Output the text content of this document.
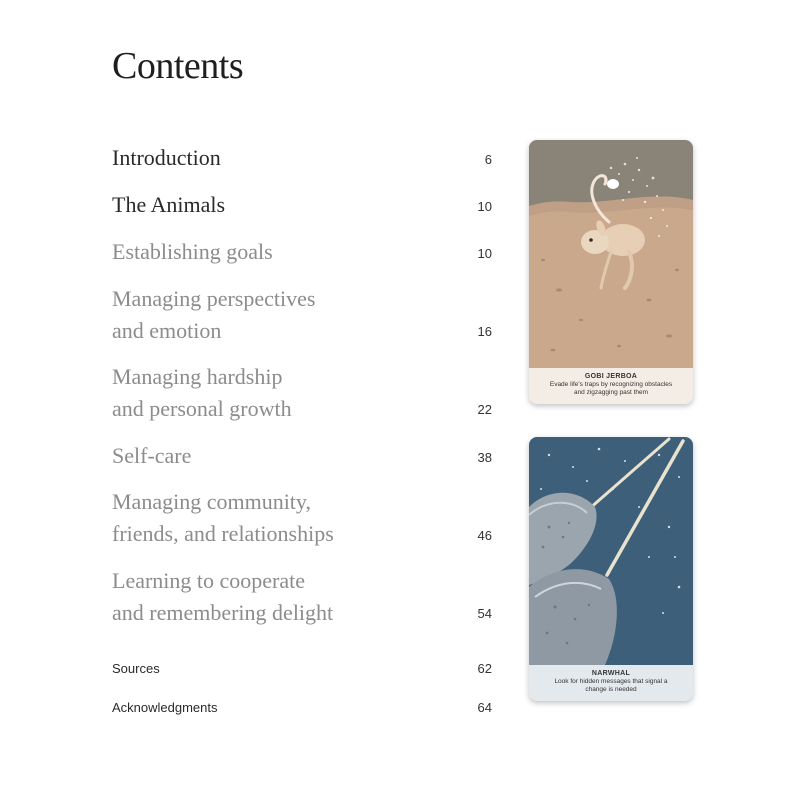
Contents
Introduction	6
The Animals	10
Establishing goals	10
Managing perspectives
and emotion	16
Managing hardship
and personal growth	22
Self-care	38
Managing community,
friends, and relationships	46
Learning to cooperate
and remembering delight	54
Sources	62
Acknowledgments	64
GOBI JERBOA
Evade life's traps by recognizing obstacles and zigzagging past them
NARWHAL
Look for hidden messages that signal a change is needed
